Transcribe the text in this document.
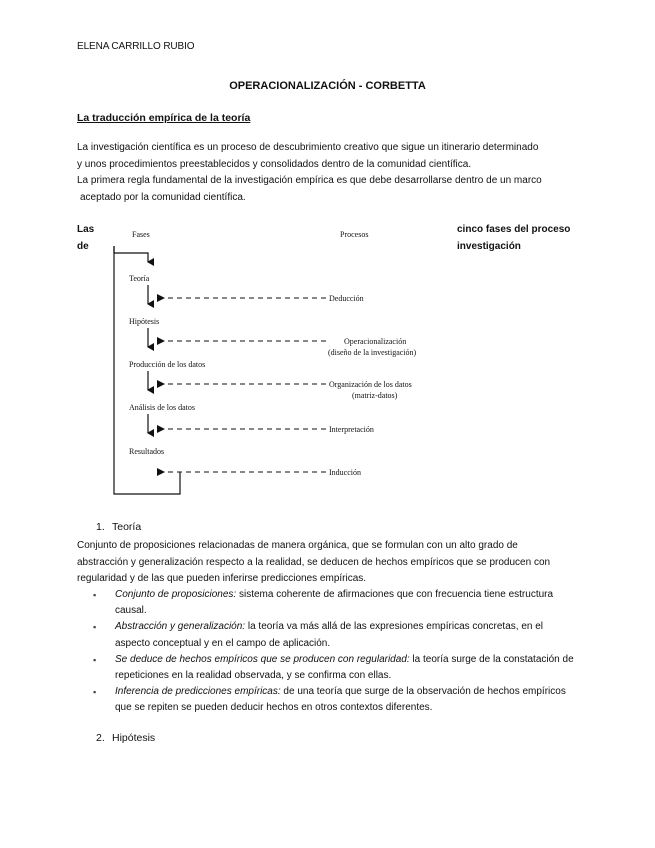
ELENA CARRILLO RUBIO
OPERACIONALIZACIÓN - CORBETTA
La traducción empírica de la teoría
La investigación científica es un proceso de descubrimiento creativo que sigue un itinerario determinado
y unos procedimientos preestablecidos y consolidados dentro de la comunidad científica.
La primera regla fundamental de la investigación empírica es que debe desarrollarse dentro de un marco
aceptado por la comunidad científica.
Las
de
cinco fases del proceso
investigación
Fases	Procesos
Teoría
Hipótesis
Producción de los datos
Análisis de los datos
Resultados
Deducción
Operacionalización
(diseño de la investigación)
Organización de los datos
(matriz-datos)
Interpretación
Inducción
1. Teoría
Conjunto de proposiciones relacionadas de manera orgánica, que se formulan con un alto grado de
abstracción y generalización respecto a la realidad, se deducen de hechos empíricos que se producen con
regularidad y de las que pueden inferirse predicciones empíricas.
▪ Conjunto de proposiciones: sistema coherente de afirmaciones que con frecuencia tiene estructura causal.
▪ Abstracción y generalización: la teoría va más allá de las expresiones empíricas concretas, en el aspecto conceptual y en el campo de aplicación.
▪ Se deduce de hechos empíricos que se producen con regularidad: la teoría surge de la constatación de repeticiones en la realidad observada, y se confirma con ellas.
▪ Inferencia de predicciones empíricas: de una teoría que surge de la observación de hechos empíricos que se repiten se pueden deducir hechos en otros contextos diferentes.
2. Hipótesis
